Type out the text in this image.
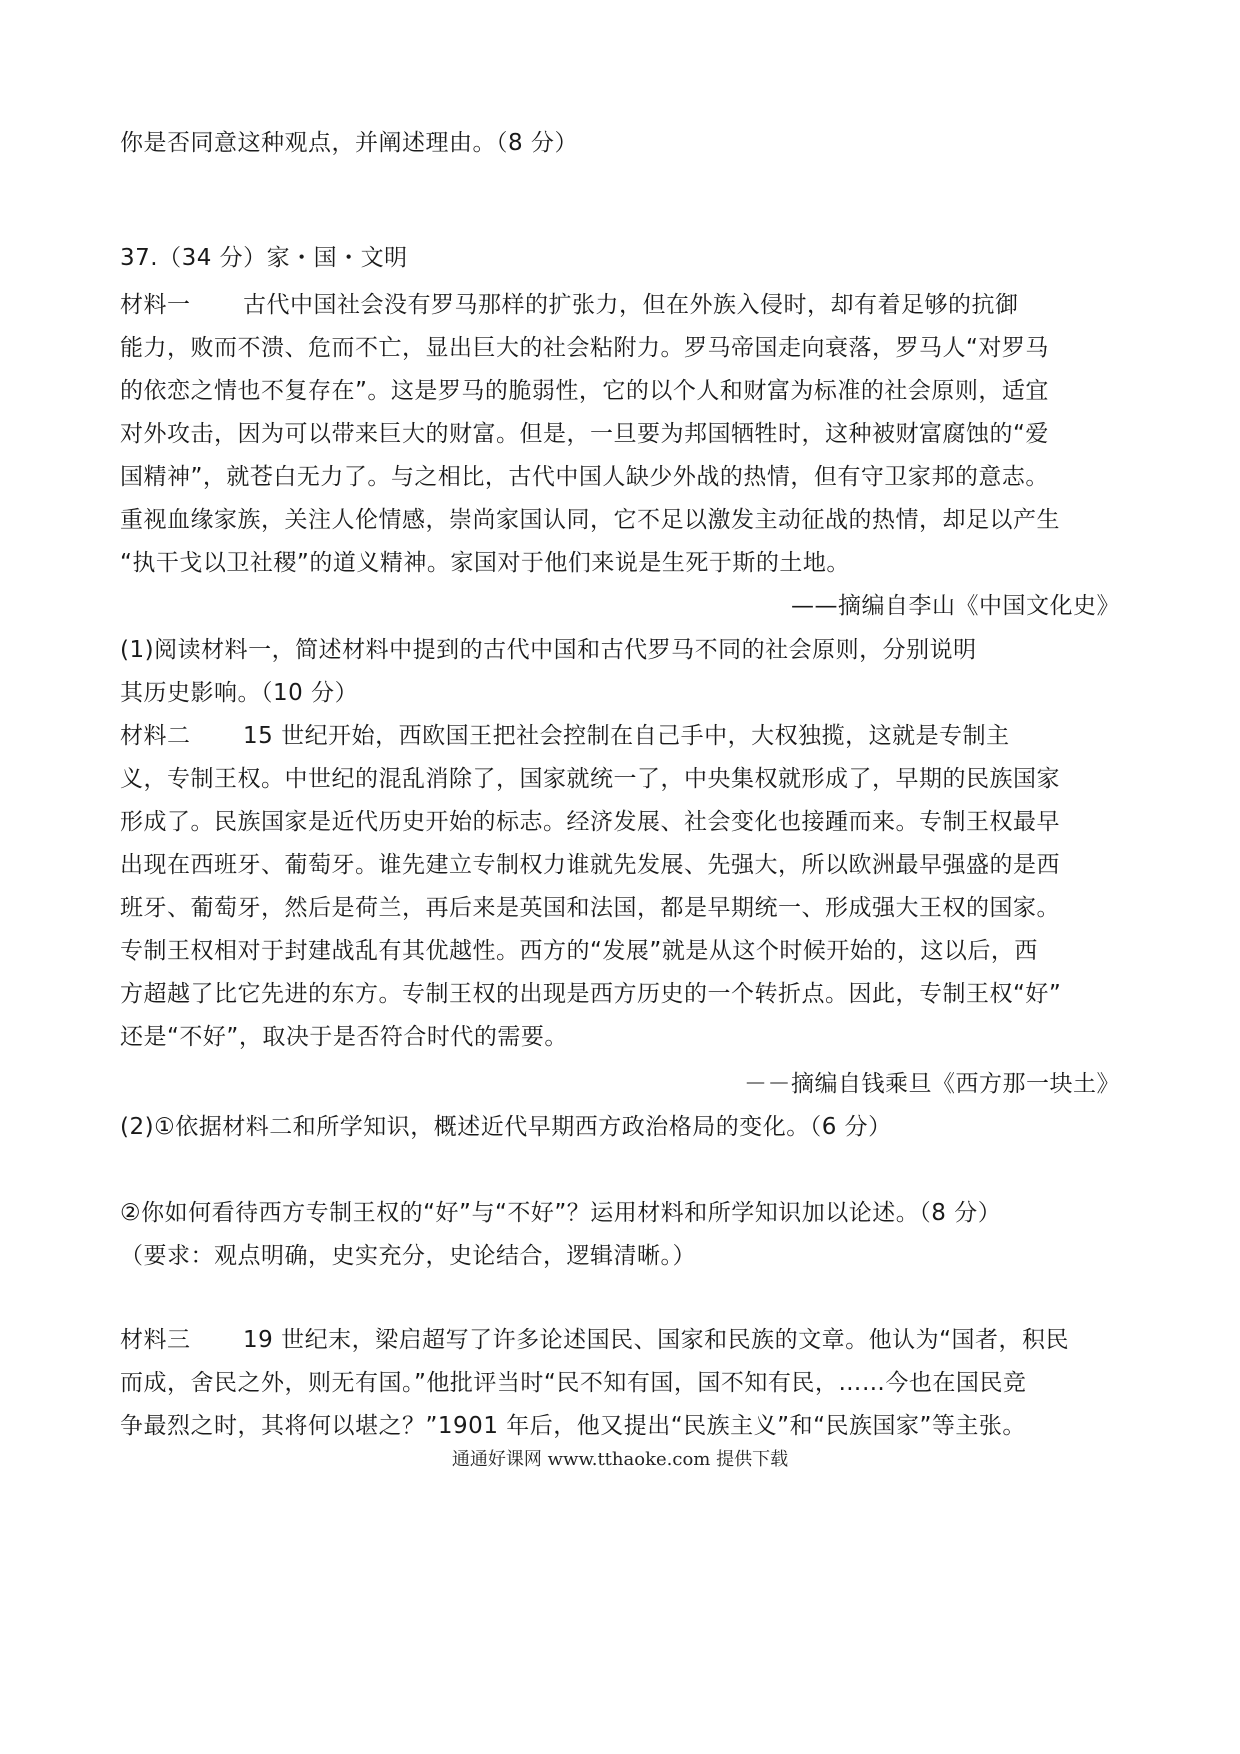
你是否同意这种观点，并阐述理由。（8 分）
37.（34 分）家・国・文明
材料一 古代中国社会没有罗马那样的扩张力，但在外族入侵时，却有着足够的抗御
能力，败而不溃、危而不亡，显出巨大的社会粘附力。罗马帝国走向衰落，罗马人“对罗马
的依恋之情也不复存在”。这是罗马的脆弱性，它的以个人和财富为标准的社会原则，适宜
对外攻击，因为可以带来巨大的财富。但是，一旦要为邦国牺牲时，这种被财富腐蚀的“爱
国精神”，就苍白无力了。与之相比，古代中国人缺少外战的热情，但有守卫家邦的意志。
重视血缘家族，关注人伦情感，崇尚家国认同，它不足以激发主动征战的热情，却足以产生
“执干戈以卫社稷”的道义精神。家国对于他们来说是生死于斯的土地。
——摘编自李山《中国文化史》
(1)阅读材料一，简述材料中提到的古代中国和古代罗马不同的社会原则，分别说明
其历史影响。（10 分）
材料二 15 世纪开始，西欧国王把社会控制在自己手中，大权独揽，这就是专制主
义，专制王权。中世纪的混乱消除了，国家就统一了，中央集权就形成了，早期的民族国家
形成了。民族国家是近代历史开始的标志。经济发展、社会变化也接踵而来。专制王权最早
出现在西班牙、葡萄牙。谁先建立专制权力谁就先发展、先强大，所以欧洲最早强盛的是西
班牙、葡萄牙，然后是荷兰，再后来是英国和法国，都是早期统一、形成强大王权的国家。
专制王权相对于封建战乱有其优越性。西方的“发展”就是从这个时候开始的，这以后，西
方超越了比它先进的东方。专制王权的出现是西方历史的一个转折点。因此，专制王权“好”
还是“不好”，取决于是否符合时代的需要。
－－摘编自钱乘旦《西方那一块土》
(2)①依据材料二和所学知识，概述近代早期西方政治格局的变化。（6 分）
②你如何看待西方专制王权的“好”与“不好”？运用材料和所学知识加以论述。（8 分）
（要求：观点明确，史实充分，史论结合，逻辑清晰。）
材料三 19 世纪末，梁启超写了许多论述国民、国家和民族的文章。他认为“国者，积民
而成，舍民之外，则无有国。”他批评当时“民不知有国，国不知有民，……今也在国民竞
争最烈之时，其将何以堪之？”1901 年后，他又提出“民族主义”和“民族国家”等主张。
通通好课网 www.tthaoke.com 提供下载
